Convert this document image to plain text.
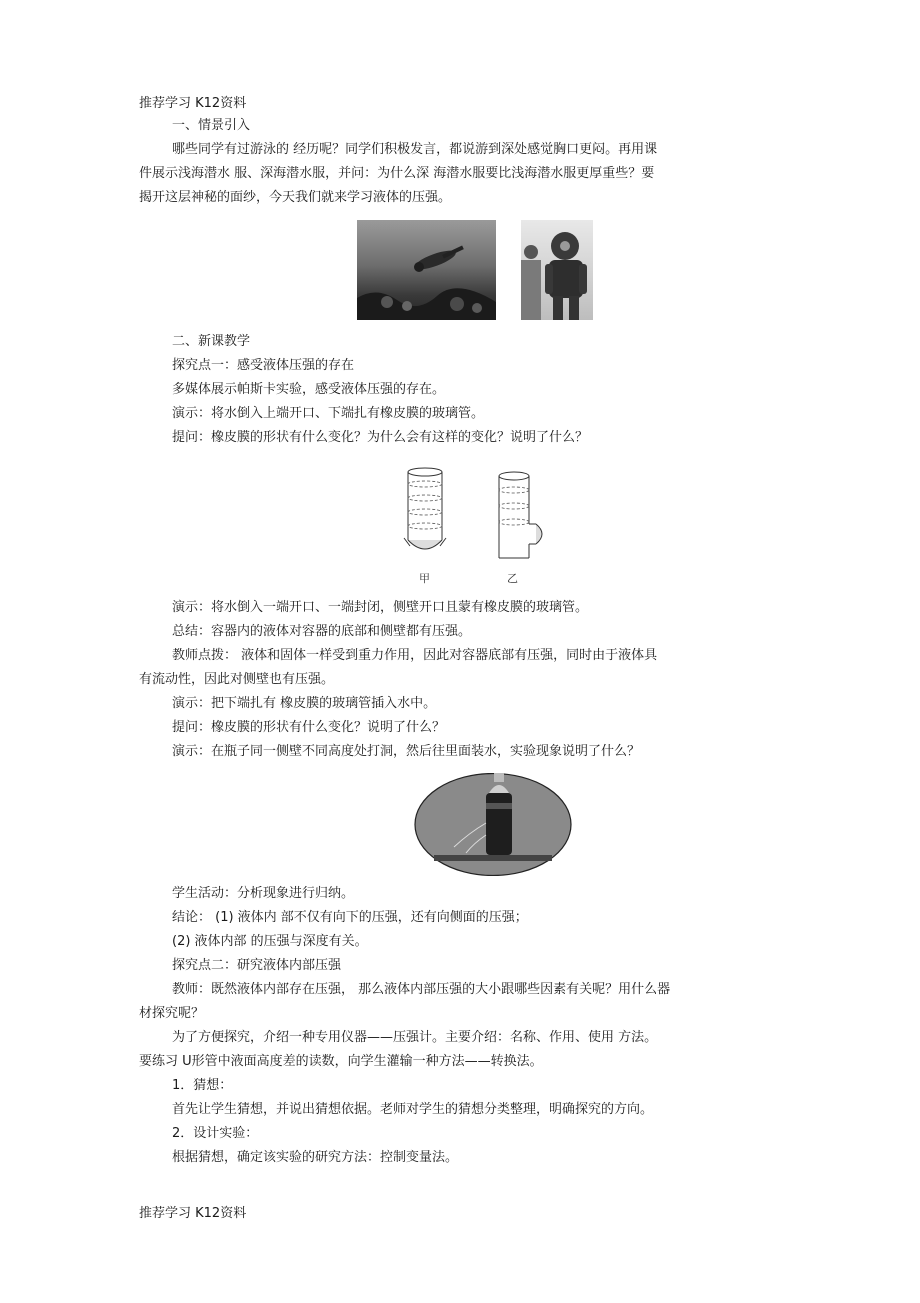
推荐学习 K12资料
一、情景引入
哪些同学有过游泳的 经历呢？同学们积极发言，都说游到深处感觉胸口更闷。再用课
件展示浅海潜水 服、深海潜水服，并问：为什么深 海潜水服要比浅海潜水服更厚重些？要
揭开这层神秘的面纱，今天我们就来学习液体的压强。
二、新课教学
探究点一：感受液体压强的存在
多媒体展示帕斯卡实验，感受液体压强的存在。
演示：将水倒入上端开口、下端扎有橡皮膜的玻璃管。
提问：橡皮膜的形状有什么变化？为什么会有这样的变化？说明了什么？
甲	乙
演示：将水倒入一端开口、一端封闭，侧壁开口且蒙有橡皮膜的玻璃管。
总结：容器内的液体对容器的底部和侧壁都有压强。
教师点拨： 液体和固体一样受到重力作用，因此对容器底部有压强，同时由于液体具
有流动性，因此对侧壁也有压强。
演示：把下端扎有 橡皮膜的玻璃管插入水中。
提问：橡皮膜的形状有什么变化？说明了什么？
演示：在瓶子同一侧壁不同高度处打洞，然后往里面装水，实验现象说明了什么？
学生活动：分析现象进行归纳。
结论： (1) 液体内 部不仅有向下的压强，还有向侧面的压强；
(2) 液体内部 的压强与深度有关。
探究点二：研究液体内部压强
教师：既然液体内部存在压强， 那么液体内部压强的大小跟哪些因素有关呢？用什么器
材探究呢？
为了方便探究，介绍一种专用仪器——压强计。主要介绍：名称、作用、使用 方法。
要练习 U形管中液面高度差的读数，向学生灌输一种方法——转换法。
1．猜想：
首先让学生猜想，并说出猜想依据。老师对学生的猜想分类整理，明确探究的方向。
2．设计实验：
根据猜想，确定该实验的研究方法：控制变量法。
推荐学习 K12资料
